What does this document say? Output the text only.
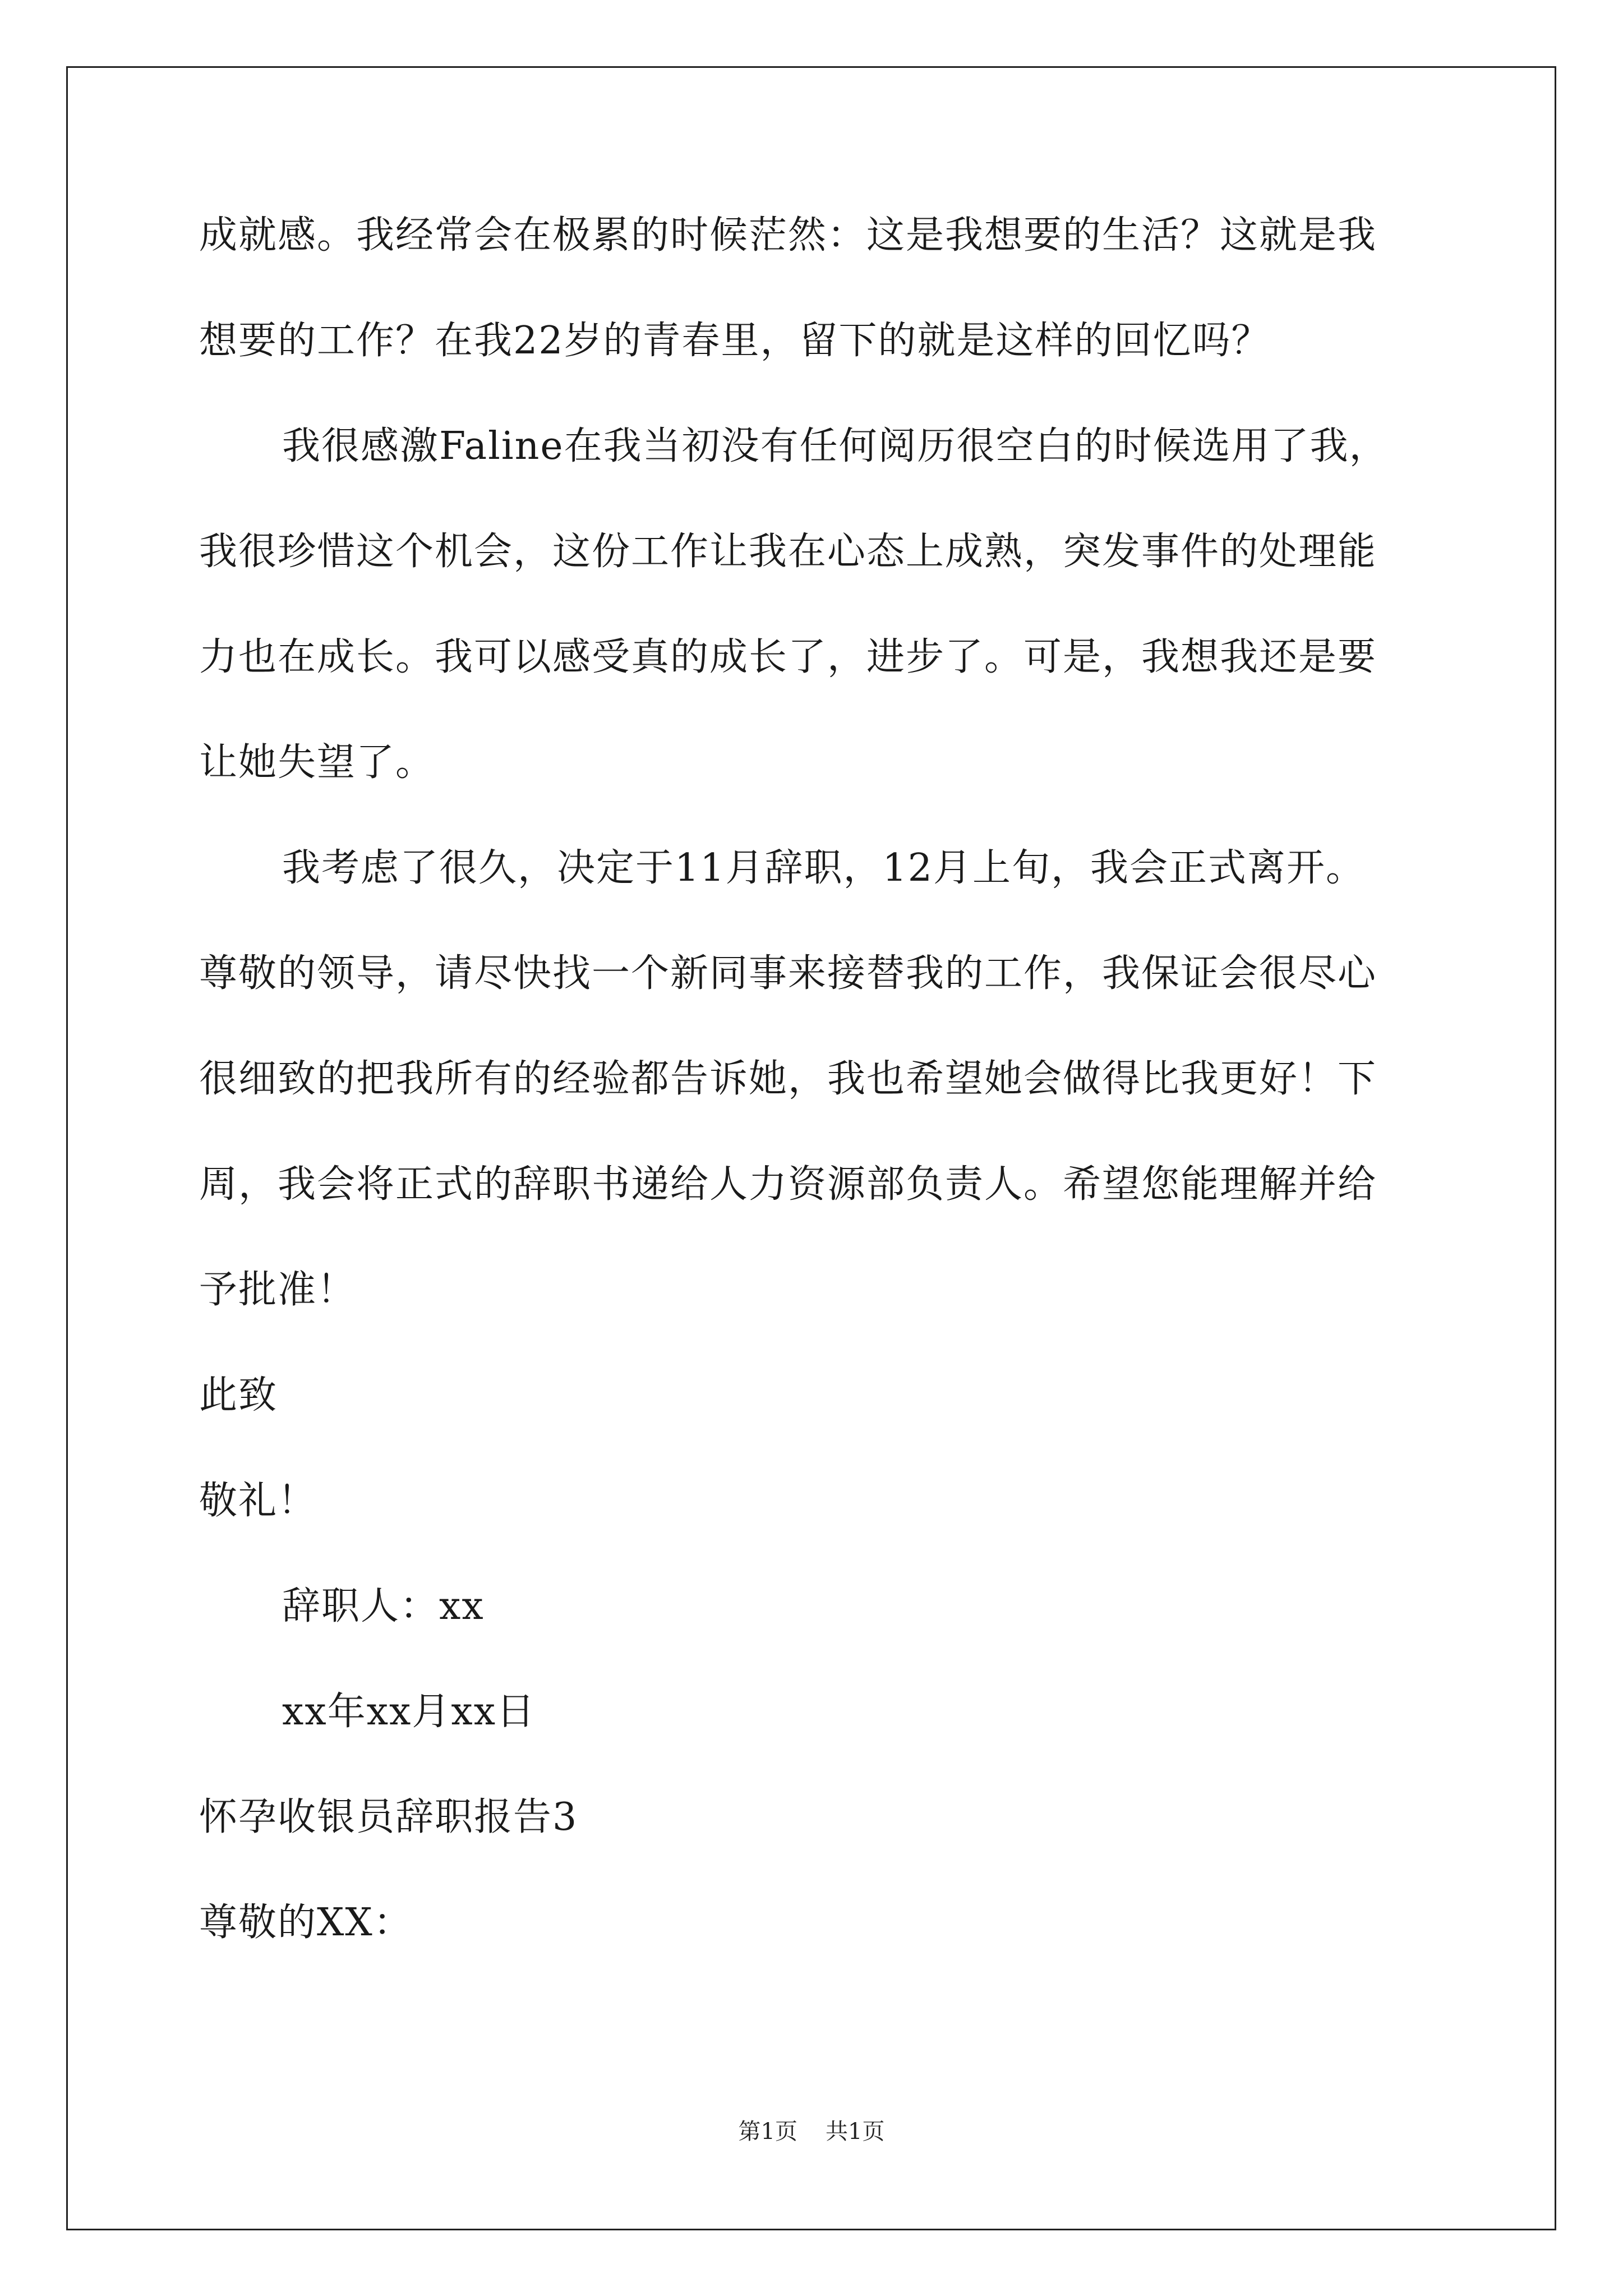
成就感。我经常会在极累的时候茫然：这是我想要的生活？这就是我
想要的工作？在我22岁的青春里，留下的就是这样的回忆吗？
我很感激Faline在我当初没有任何阅历很空白的时候选用了我，
我很珍惜这个机会，这份工作让我在心态上成熟，突发事件的处理能
力也在成长。我可以感受真的成长了，进步了。可是，我想我还是要
让她失望了。
我考虑了很久，决定于11月辞职，12月上旬，我会正式离开。
尊敬的领导，请尽快找一个新同事来接替我的工作，我保证会很尽心
很细致的把我所有的经验都告诉她，我也希望她会做得比我更好！下
周，我会将正式的辞职书递给人力资源部负责人。希望您能理解并给
予批准！
此致
敬礼！
辞职人：xx
xx年xx月xx日
怀孕收银员辞职报告3
尊敬的XX：
第1页 共1页
